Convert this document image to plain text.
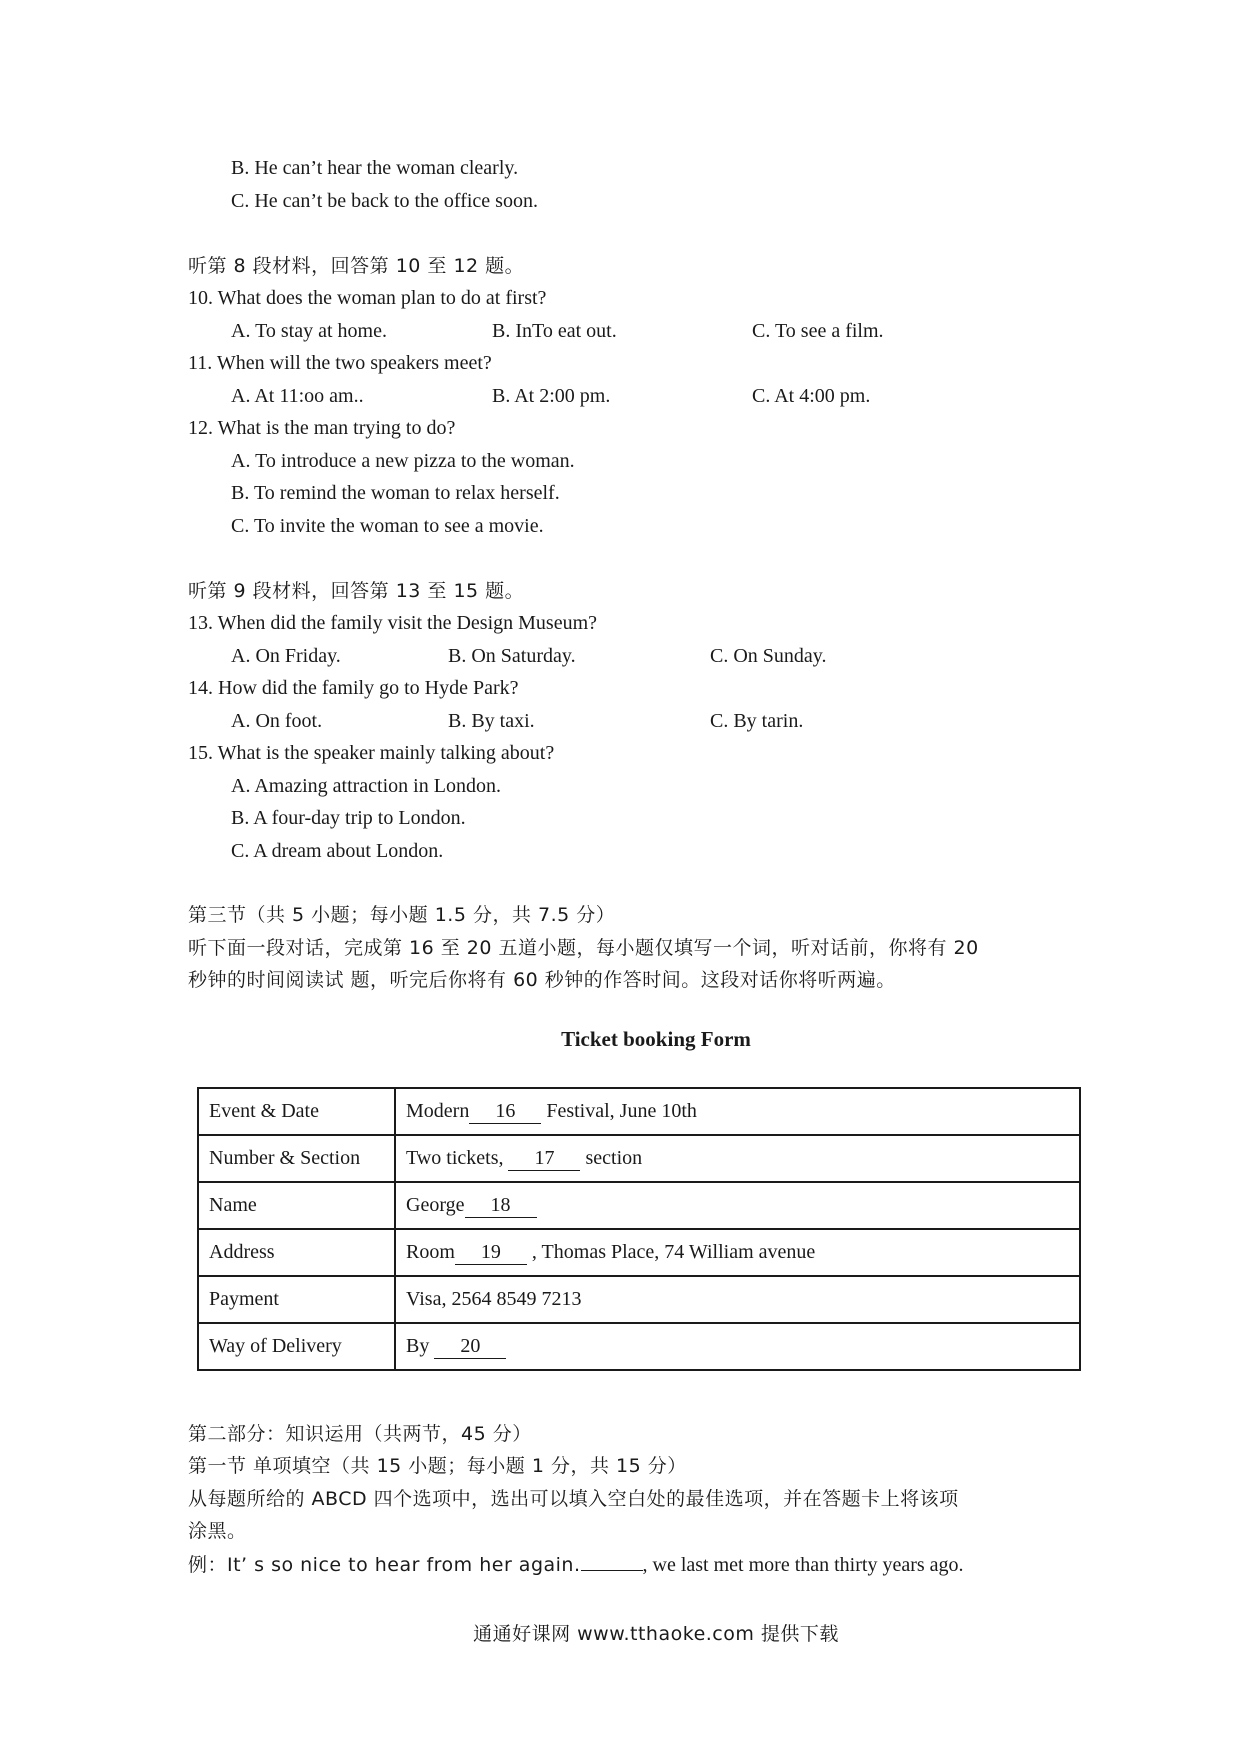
B. He can’t hear the woman clearly.
C. He can’t be back to the office soon.
听第 8 段材料，回答第 10 至 12 题。
10. What does the woman plan to do at first?
A. To stay at home.	B. InTo eat out.	C. To see a film.
11. When will the two speakers meet?
A. At 11:oo am..	B. At 2:00 pm.	C. At 4:00 pm.
12. What is the man trying to do?
A. To introduce a new pizza to the woman.
B. To remind the woman to relax herself.
C. To invite the woman to see a movie.
听第 9 段材料，回答第 13 至 15 题。
13. When did the family visit the Design Museum?
A. On Friday.	B. On Saturday.	C. On Sunday.
14. How did the family go to Hyde Park?
A. On foot.	B. By taxi.	C. By tarin.
15. What is the speaker mainly talking about?
A. Amazing attraction in London.
B. A four-day trip to London.
C. A dream about London.
第三节（共 5 小题；每小题 1.5 分，共 7.5 分）
听下面一段对话，完成第 16 至 20 五道小题，每小题仅填写一个词，听对话前，你将有 20
秒钟的时间阅读试 题，听完后你将有 60 秒钟的作答时间。这段对话你将听两遍。
Ticket booking Form
Event & Date	Modern 16 Festival, June 10th
Number & Section	Two tickets, 17 section
Name	George 18
Address	Room 19 , Thomas Place, 74 William avenue
Payment	Visa, 2564 8549 7213
Way of Delivery	By 20
第二部分：知识运用（共两节，45 分）
第一节 单项填空（共 15 小题；每小题 1 分，共 15 分）
从每题所给的 ABCD 四个选项中，选出可以填入空白处的最佳选项，并在答题卡上将该项
涂黑。
例：It’ s so nice to hear from her again.	, we last met more than thirty years ago.
通通好课网 www.tthaoke.com 提供下载
